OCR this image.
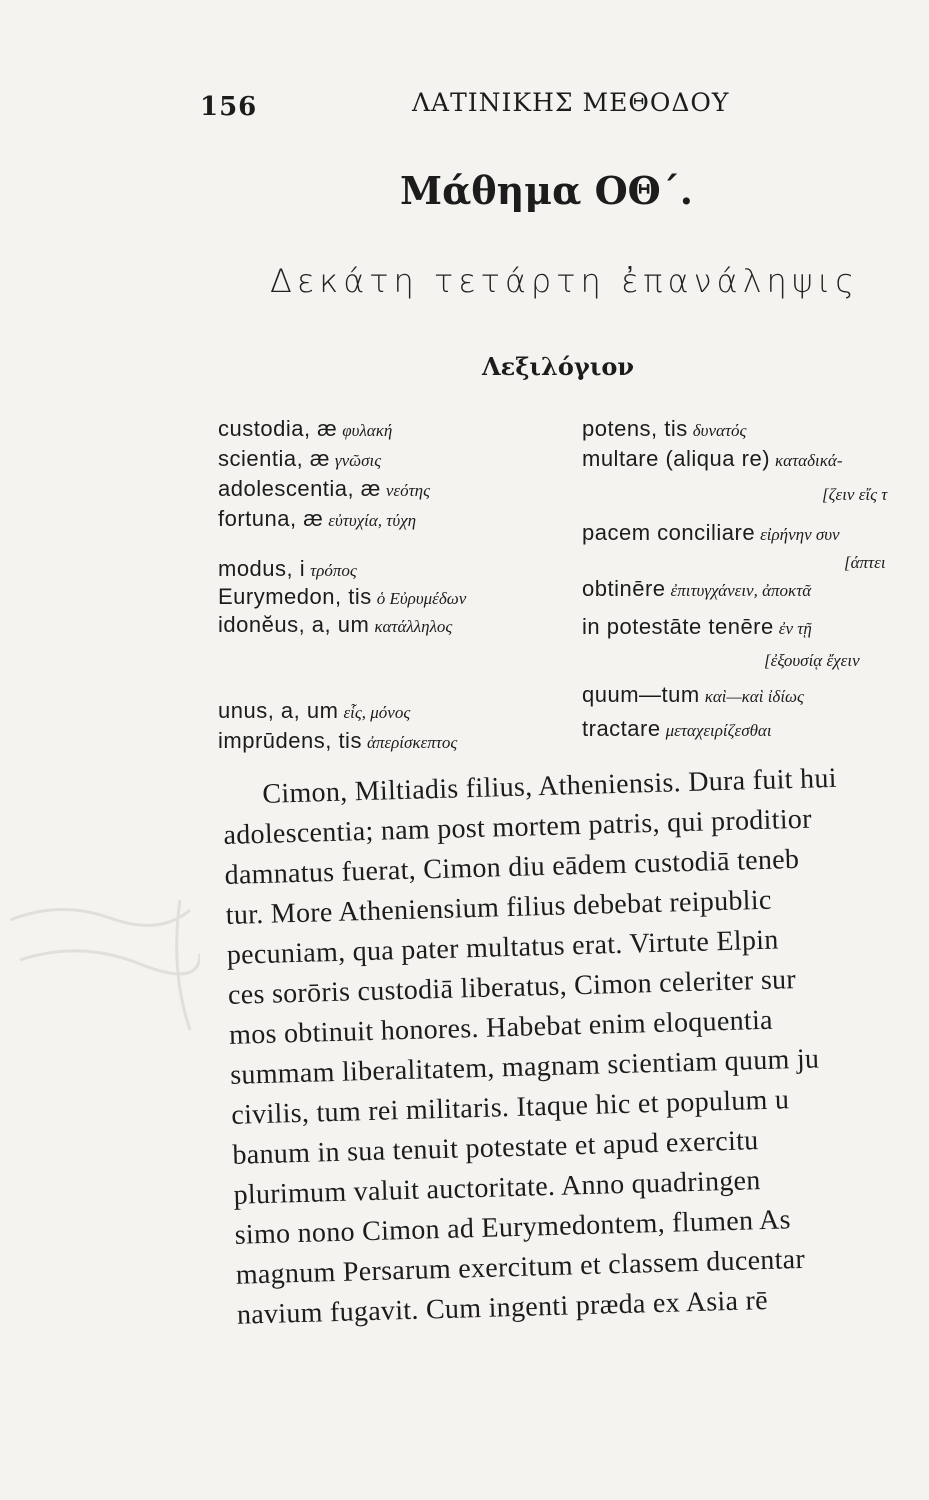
156	ΛΑΤΙΝΙΚΗΣ ΜΕΘΟΔΟΥ
Μάθημα ΟΘ΄.
Δεκάτη τετάρτη ἐπανάληψις
Λεξιλόγιον
custodia, æ φυλακή
scientia, æ γνῶσις
adolescentia, æ νεότης
fortuna, æ εὐτυχία, τύχη
modus, i τρόπος
Eurymedon, tis ὁ Εὐρυμέδων
idonĕus, a, um κατάλληλος
unus, a, um εἷς, μόνος
imprūdens, tis ἀπερίσκεπτος
potens, tis δυνατός
multare (aliqua re) καταδικά-
[ζειν εἴς τ
pacem conciliare εἰρήνην συν
[άπτει
obtinēre ἐπιτυγχάνειν, ἀποκτᾶ
in potestāte tenēre ἐν τῇ
[ἐξουσίᾳ ἔχειν
quum—tum καὶ—καὶ ἰδίως
tractare μεταχειρίζεσθαι
Cimon, Miltiadis filius, Atheniensis. Dura fuit hui
adolescentia; nam post mortem patris, qui proditior
damnatus fuerat, Cimon diu eādem custodiā teneb
tur. More Atheniensium filius debebat reipublic
pecuniam, qua pater multatus erat. Virtute Elpin
ces sorōris custodiā liberatus, Cimon celeriter sur
mos obtinuit honores. Habebat enim eloquentia
summam liberalitatem, magnam scientiam quum ju
civilis, tum rei militaris. Itaque hic et populum u
banum in sua tenuit potestate et apud exercitu
plurimum valuit auctoritate. Anno quadringen
simo nono Cimon ad Eurymedontem, flumen As
magnum Persarum exercitum et classem ducentar
navium fugavit. Cum ingenti præda ex Asia rē
